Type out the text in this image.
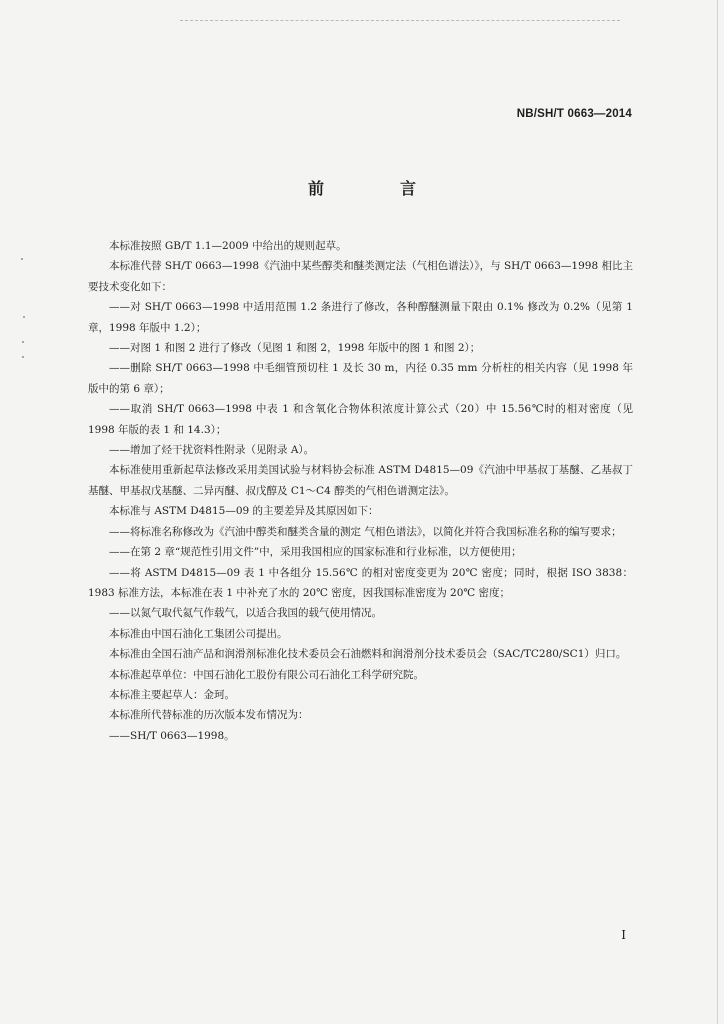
NB/SH/T 0663—2014
前　言

本标准按照 GB/T 1.1—2009 中给出的规则起草。

本标准代替 SH/T 0663—1998《汽油中某些醇类和醚类测定法（气相色谱法）》，与 SH/T 0663—1998 相比主要技术变化如下：

——对 SH/T 0663—1998 中适用范围 1.2 条进行了修改，各种醇醚测量下限由 0.1% 修改为 0.2%（见第 1 章，1998 年版中 1.2）；

——对图 1 和图 2 进行了修改（见图 1 和图 2，1998 年版中的图 1 和图 2）；

——删除 SH/T 0663—1998 中毛细管预切柱 1 及长 30 m，内径 0.35 mm 分析柱的相关内容（见 1998 年版中的第 6 章）；

——取消 SH/T 0663—1998 中表 1 和含氧化合物体积浓度计算公式（20）中 15.56℃时的相对密度（见 1998 年版的表 1 和 14.3）；

——增加了烃干扰资料性附录（见附录 A）。

本标准使用重新起草法修改采用美国试验与材料协会标准 ASTM D4815—09《汽油中甲基叔丁基醚、乙基叔丁基醚、甲基叔戊基醚、二异丙醚、叔戊醇及 C1～C4 醇类的气相色谱测定法》。

本标准与 ASTM D4815—09 的主要差异及其原因如下：

——将标准名称修改为《汽油中醇类和醚类含量的测定 气相色谱法》，以简化并符合我国标准名称的编写要求；

——在第 2 章“规范性引用文件”中，采用我国相应的国家标准和行业标准，以方便使用；

——将 ASTM D4815—09 表 1 中各组分 15.56℃ 的相对密度变更为 20℃ 密度；同时，根据 ISO 3838：1983 标准方法，本标准在表 1 中补充了水的 20℃ 密度，因我国标准密度为 20℃ 密度；

——以氮气取代氦气作载气，以适合我国的载气使用情况。

本标准由中国石油化工集团公司提出。

本标准由全国石油产品和润滑剂标准化技术委员会石油燃料和润滑剂分技术委员会（SAC/TC280/SC1）归口。

本标准起草单位：中国石油化工股份有限公司石油化工科学研究院。

本标准主要起草人：金珂。

本标准所代替标准的历次版本发布情况为：

——SH/T 0663—1998。

I
